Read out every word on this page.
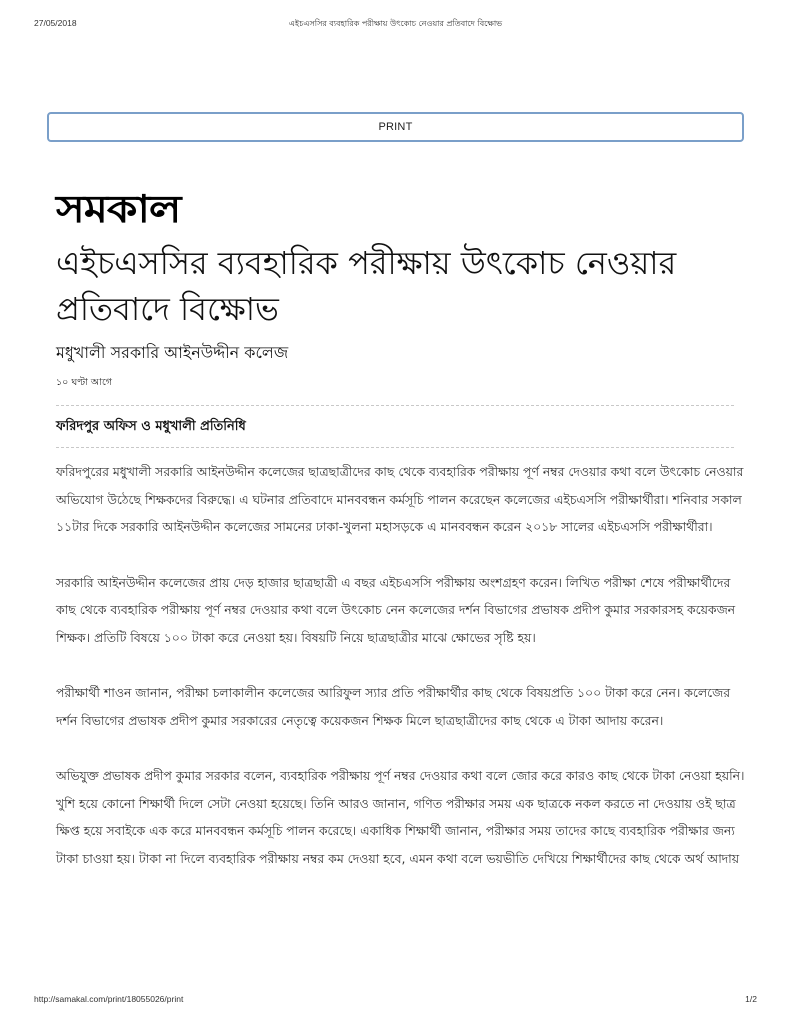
27/05/2018	এইচএসসির ব্যবহারিক পরীক্ষায় উৎকোচ নেওয়ার প্রতিবাদে বিক্ষোভ
PRINT
সমকাল
এইচএসসির ব্যবহারিক পরীক্ষায় উৎকোচ নেওয়ার প্রতিবাদে বিক্ষোভ
মধুখালী সরকারি আইনউদ্দীন কলেজ
১০ ঘণ্টা আগে
ফরিদপুর অফিস ও মধুখালী প্রতিনিধি

ফরিদপুরের মধুখালী সরকারি আইনউদ্দীন কলেজের ছাত্রছাত্রীদের কাছ থেকে ব্যবহারিক পরীক্ষায় পূর্ণ নম্বর দেওয়ার কথা বলে উৎকোচ নেওয়ার অভিযোগ উঠেছে শিক্ষকদের বিরুদ্ধে। এ ঘটনার প্রতিবাদে মানববন্ধন কর্মসূচি পালন করেছেন কলেজের এইচএসসি পরীক্ষার্থীরা। শনিবার সকাল ১১টার দিকে সরকারি আইনউদ্দীন কলেজের সামনের ঢাকা-খুলনা মহাসড়কে এ মানববন্ধন করেন ২০১৮ সালের এইচএসসি পরীক্ষার্থীরা।

সরকারি আইনউদ্দীন কলেজের প্রায় দেড় হাজার ছাত্রছাত্রী এ বছর এইচএসসি পরীক্ষায় অংশগ্রহণ করেন। লিখিত পরীক্ষা শেষে পরীক্ষার্থীদের কাছ থেকে ব্যবহারিক পরীক্ষায় পূর্ণ নম্বর দেওয়ার কথা বলে উৎকোচ নেন কলেজের দর্শন বিভাগের প্রভাষক প্রদীপ কুমার সরকারসহ কয়েকজন শিক্ষক। প্রতিটি বিষয়ে ১০০ টাকা করে নেওয়া হয়। বিষয়টি নিয়ে ছাত্রছাত্রীর মাঝে ক্ষোভের সৃষ্টি হয়।

পরীক্ষার্থী শাওন জানান, পরীক্ষা চলাকালীন কলেজের আরিফুল স্যার প্রতি পরীক্ষার্থীর কাছ থেকে বিষয়প্রতি ১০০ টাকা করে নেন। কলেজের দর্শন বিভাগের প্রভাষক প্রদীপ কুমার সরকারের নেতৃত্বে কয়েকজন শিক্ষক মিলে ছাত্রছাত্রীদের কাছ থেকে এ টাকা আদায় করেন।

অভিযুক্ত প্রভাষক প্রদীপ কুমার সরকার বলেন, ব্যবহারিক পরীক্ষায় পূর্ণ নম্বর দেওয়ার কথা বলে জোর করে কারও কাছ থেকে টাকা নেওয়া হয়নি। খুশি হয়ে কোনো শিক্ষার্থী দিলে সেটা নেওয়া হয়েছে। তিনি আরও জানান, গণিত পরীক্ষার সময় এক ছাত্রকে নকল করতে না দেওয়ায় ওই ছাত্র ক্ষিপ্ত হয়ে সবাইকে এক করে মানববন্ধন কর্মসূচি পালন করেছে। একাধিক শিক্ষার্থী জানান, পরীক্ষার সময় তাদের কাছে ব্যবহারিক পরীক্ষার জন্য টাকা চাওয়া হয়। টাকা না দিলে ব্যবহারিক পরীক্ষায় নম্বর কম দেওয়া হবে, এমন কথা বলে ভয়ভীতি দেখিয়ে শিক্ষার্থীদের কাছ থেকে অর্থ আদায়

http://samakal.com/print/18055026/print	1/2
